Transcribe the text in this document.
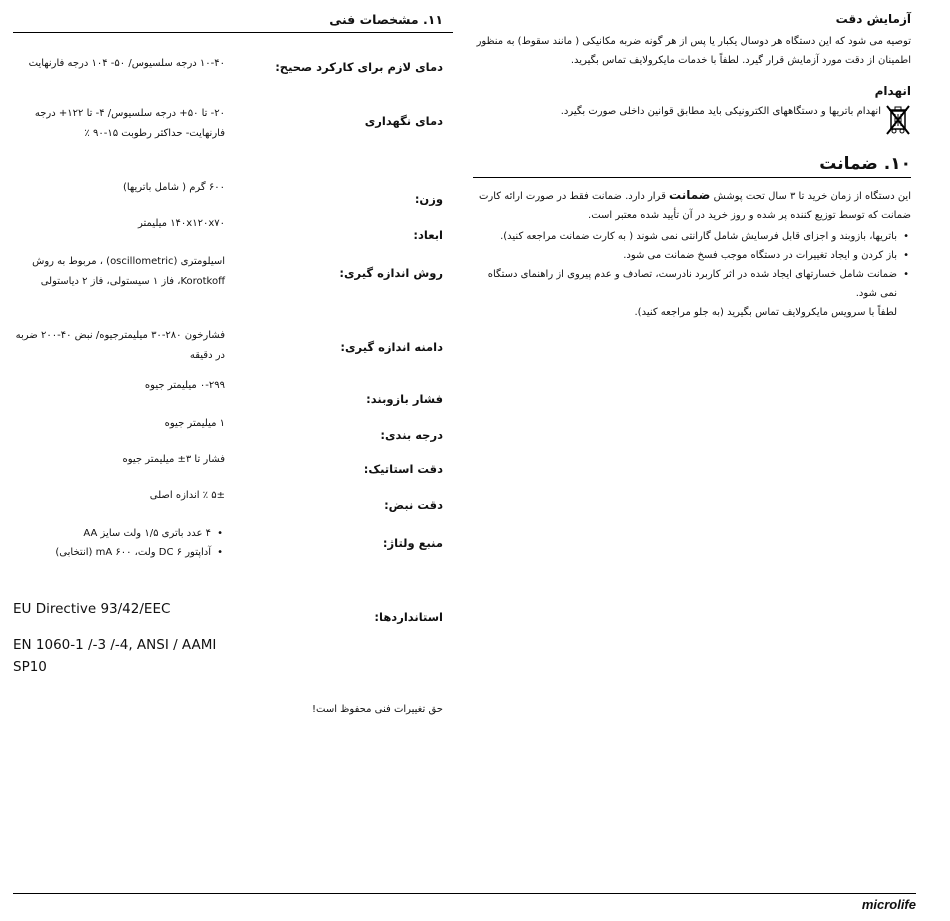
آزمایش دقت

توصیه می شود که این دستگاه هر دوسال یکبار یا پس از هر گونه ضربه مکانیکی ( مانند سقوط) به منظور اطمینان از دقت مورد آزمایش قرار گیرد. لطفاً با خدمات مایکرولایف تماس بگیرید.

انهدام

انهدام باتریها و دستگاههای الکترونیکی باید مطابق قوانین داخلی صورت بگیرد.

۱۰. ضمانت

این دستگاه از زمان خرید تا ۳ سال تحت پوشش ضمانت قرار دارد. ضمانت فقط در صورت ارائه کارت ضمانت که توسط توزیع کننده پر شده و روز خرید در آن تأیید شده معتبر است.

• باتریها، بازوبند و اجزای قابل فرسایش شامل گارانتی نمی شوند ( به کارت ضمانت مراجعه کنید).
• باز کردن و ایجاد تغییرات در دستگاه موجب فسخ ضمانت می شود.
• ضمانت شامل خسارتهای ایجاد شده در اثر کاربرد نادرست، تصادف و عدم پیروی از راهنمای دستگاه نمی شود.

لطفاً با سرویس مایکرولایف تماس بگیرید (به جلو مراجعه کنید).

۱۱. مشخصات فنی
دمای لازم برای کارکرد صحیح:
۱۰-۴۰ درجه سلسیوس/ ۵۰- ۱۰۴ درجه فارنهایت
دمای نگهداری
۲۰- تا ۵۰+ درجه سلسیوس/ ۴- تا ۱۲۲+ درجه فارنهایت- حداکثر رطوبت ۱۵-۹۰ ٪
وزن:
۶۰۰ گرم ( شامل باتریها)
ابعاد:
۱۴۰x۱۲۰x۷۰ میلیمتر
روش اندازه گیری:
اسیلومتری (oscillometric) ، مربوط به روش Korotkoff، فاز ۱ سیستولی، فاز ۲ دیاستولی
دامنه اندازه گیری:
فشارخون ۲۸۰-۳۰ میلیمترجیوه/ نبض ۴۰-۲۰۰ ضربه در دقیقه
فشار بازوبند:
۰-۲۹۹ میلیمتر جیوه
درجه بندی:
۱ میلیمتر جیوه
دقت استاتیک:
فشار تا ۳± میلیمتر جیوه
دقت نبض:
۵± ٪ اندازه اصلی
منبع ولتاژ:
• ۴ عدد باتری ۱/۵ ولت سایز AA
• آداپتور DC ۶ ولت، ۶۰۰ mA (انتخابی)
استانداردها:
EU Directive 93/42/EEC
EN 1060-1 /-3 /-4, ANSI / AAMI SP10
حق تغییرات فنی محفوظ است!
microlife
